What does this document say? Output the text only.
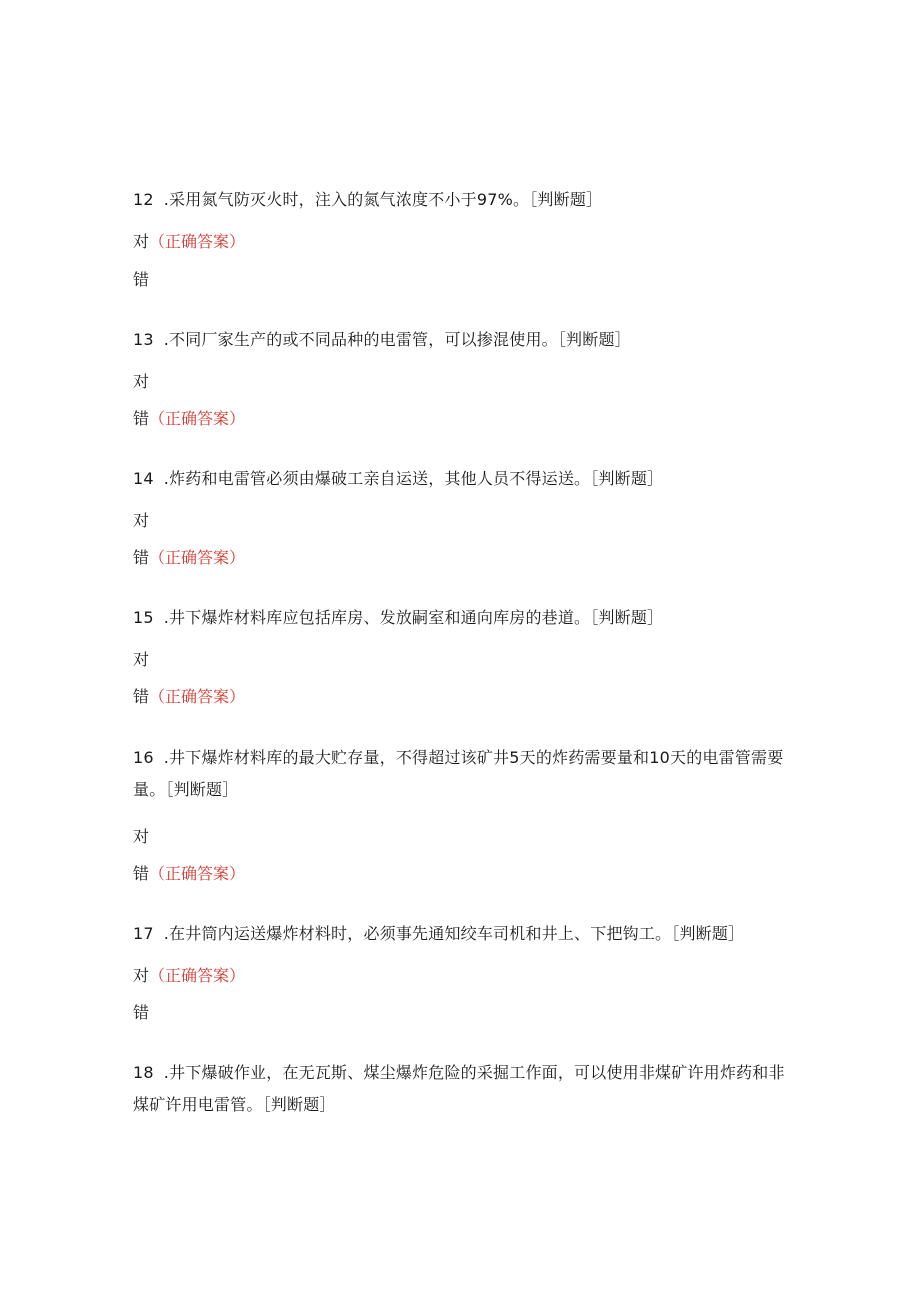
12 .采用氮气防灭火时，注入的氮气浓度不小于97%。［判断题］
对（正确答案）
错
13 .不同厂家生产的或不同品种的电雷管，可以掺混使用。［判断题］
对
错（正确答案）
14 .炸药和电雷管必须由爆破工亲自运送，其他人员不得运送。［判断题］
对
错（正确答案）
15 .井下爆炸材料库应包括库房、发放嗣室和通向库房的巷道。［判断题］
对
错（正确答案）
16 .井下爆炸材料库的最大贮存量，不得超过该矿井5天的炸药需要量和10天的电雷管需要量。［判断题］
对
错（正确答案）
17 .在井筒内运送爆炸材料时，必须事先通知绞车司机和井上、下把钩工。［判断题］
对（正确答案）
错
18 .井下爆破作业，在无瓦斯、煤尘爆炸危险的采掘工作面，可以使用非煤矿许用炸药和非煤矿许用电雷管。［判断题］
